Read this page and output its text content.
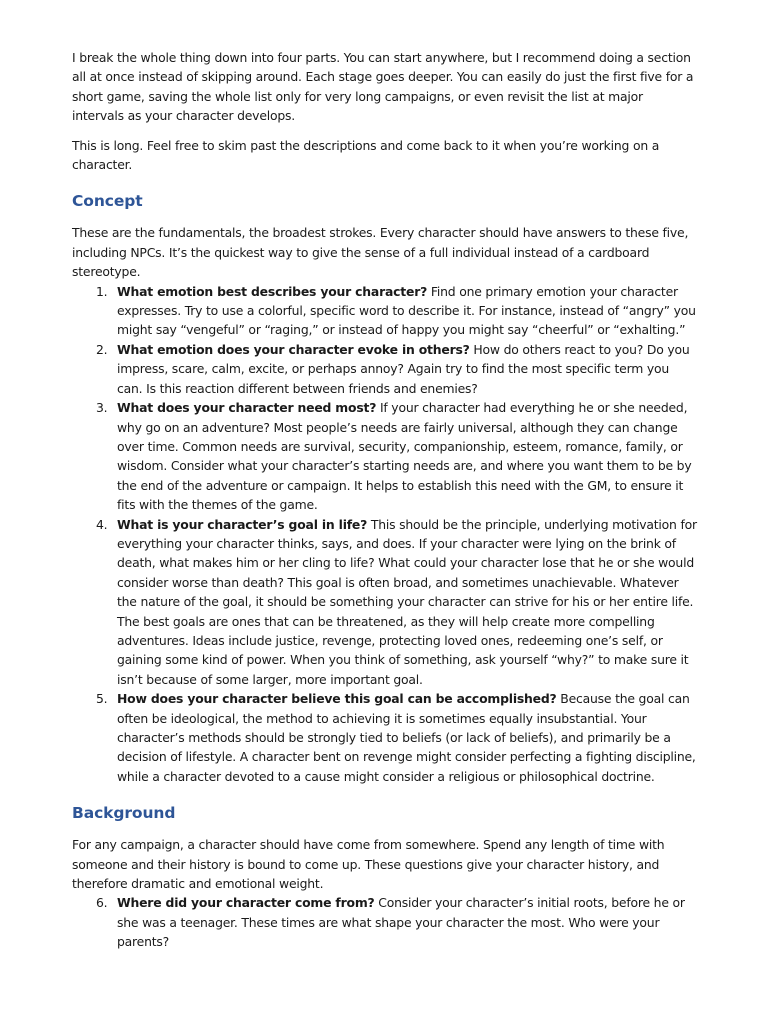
I break the whole thing down into four parts. You can start anywhere, but I recommend doing a section all at once instead of skipping around. Each stage goes deeper. You can easily do just the first five for a short game, saving the whole list only for very long campaigns, or even revisit the list at major intervals as your character develops.

This is long. Feel free to skim past the descriptions and come back to it when you’re working on a character.

Concept

These are the fundamentals, the broadest strokes. Every character should have answers to these five, including NPCs. It’s the quickest way to give the sense of a full individual instead of a cardboard stereotype.

1. What emotion best describes your character? Find one primary emotion your character expresses. Try to use a colorful, specific word to describe it. For instance, instead of “angry” you might say “vengeful” or “raging,” or instead of happy you might say “cheerful” or “exhalting.”
2. What emotion does your character evoke in others? How do others react to you? Do you impress, scare, calm, excite, or perhaps annoy? Again try to find the most specific term you can. Is this reaction different between friends and enemies?
3. What does your character need most? If your character had everything he or she needed, why go on an adventure? Most people’s needs are fairly universal, although they can change over time. Common needs are survival, security, companionship, esteem, romance, family, or wisdom. Consider what your character’s starting needs are, and where you want them to be by the end of the adventure or campaign. It helps to establish this need with the GM, to ensure it fits with the themes of the game.
4. What is your character’s goal in life? This should be the principle, underlying motivation for everything your character thinks, says, and does. If your character were lying on the brink of death, what makes him or her cling to life? What could your character lose that he or she would consider worse than death? This goal is often broad, and sometimes unachievable. Whatever the nature of the goal, it should be something your character can strive for his or her entire life. The best goals are ones that can be threatened, as they will help create more compelling adventures. Ideas include justice, revenge, protecting loved ones, redeeming one’s self, or gaining some kind of power. When you think of something, ask yourself “why?” to make sure it isn’t because of some larger, more important goal.
5. How does your character believe this goal can be accomplished? Because the goal can often be ideological, the method to achieving it is sometimes equally insubstantial. Your character’s methods should be strongly tied to beliefs (or lack of beliefs), and primarily be a decision of lifestyle. A character bent on revenge might consider perfecting a fighting discipline, while a character devoted to a cause might consider a religious or philosophical doctrine.
Background

For any campaign, a character should have come from somewhere. Spend any length of time with someone and their history is bound to come up. These questions give your character history, and therefore dramatic and emotional weight.

6. Where did your character come from? Consider your character’s initial roots, before he or she was a teenager. These times are what shape your character the most. Who were your parents?
